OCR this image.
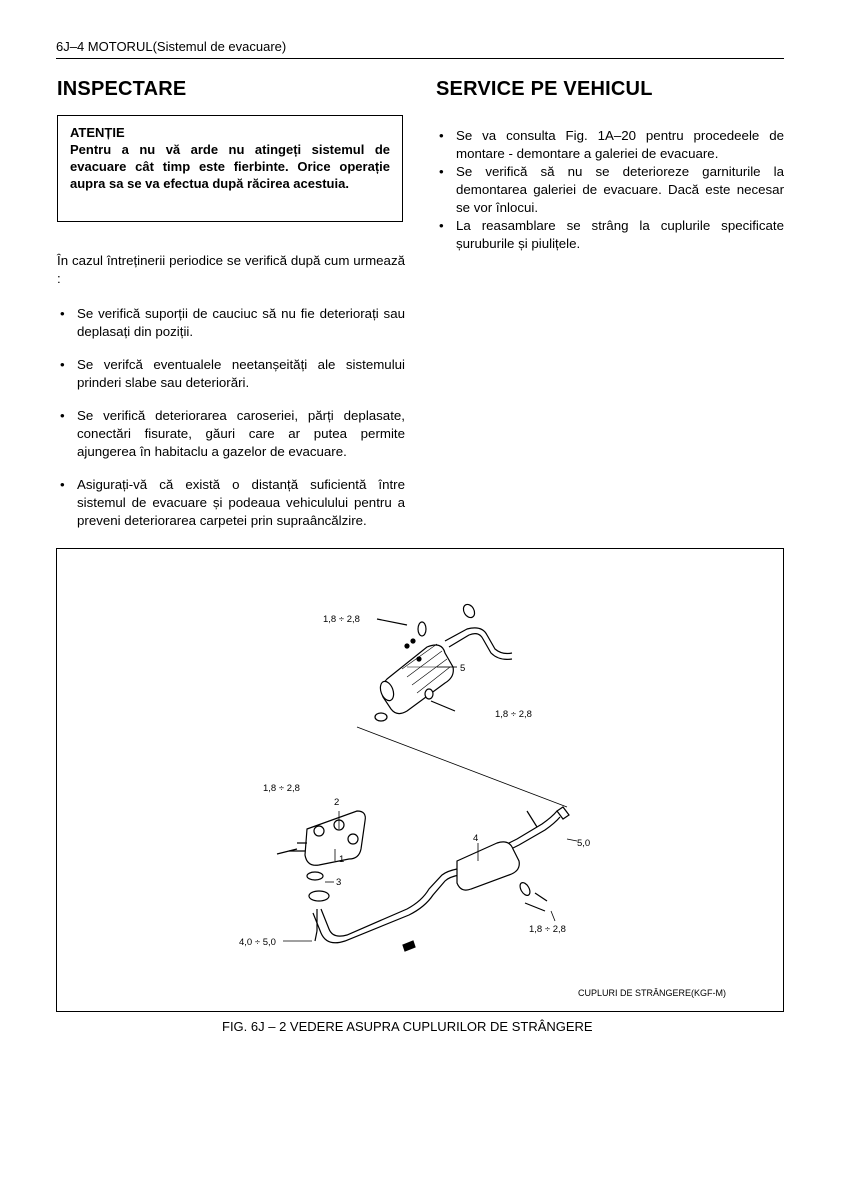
6J–4 MOTORUL(Sistemul de evacuare)
INSPECTARE	SERVICE PE VEHICUL
ATENȚIE
Pentru a nu vă arde nu atingeți sistemul de evacuare cât timp este fierbinte. Orice operație aupra sa se va efectua după răcirea acestuia.
În cazul întreținerii periodice se verifică după cum urmează :
• Se verifică suporții de cauciuc să nu fie deteriorați sau deplasați din poziții.
• Se verifcă eventualele neetanșeități ale sistemului prinderi slabe sau deteriorări.
• Se verifică deteriorarea caroseriei, părți deplasate, conectări fisurate, găuri care ar putea permite ajungerea în habitaclu a gazelor de evacuare.
• Asigurați-vă că există o distanță suficientă între sistemul de evacuare și podeaua vehiculului pentru a preveni deteriorarea carpetei prin supraâncălzire.
• Se va consulta Fig. 1A–20 pentru procedeele de montare - demontare a galeriei de evacuare.
• Se verifică să nu se deterioreze garniturile la demontarea galeriei de evacuare. Dacă este necesar se vor înlocui.
• La reasamblare se strâng la cuplurile specificate șuruburile și piulițele.
1,8 ÷ 2,8
1,8 ÷ 2,8
1,8 ÷ 2,8
1,8 ÷ 2,8
4,0 ÷ 5,0
5,0
1
2
3
4
5
CUPLURI DE STRÂNGERE(KGF-M)
FIG. 6J – 2 VEDERE ASUPRA CUPLURILOR DE STRÂNGERE
